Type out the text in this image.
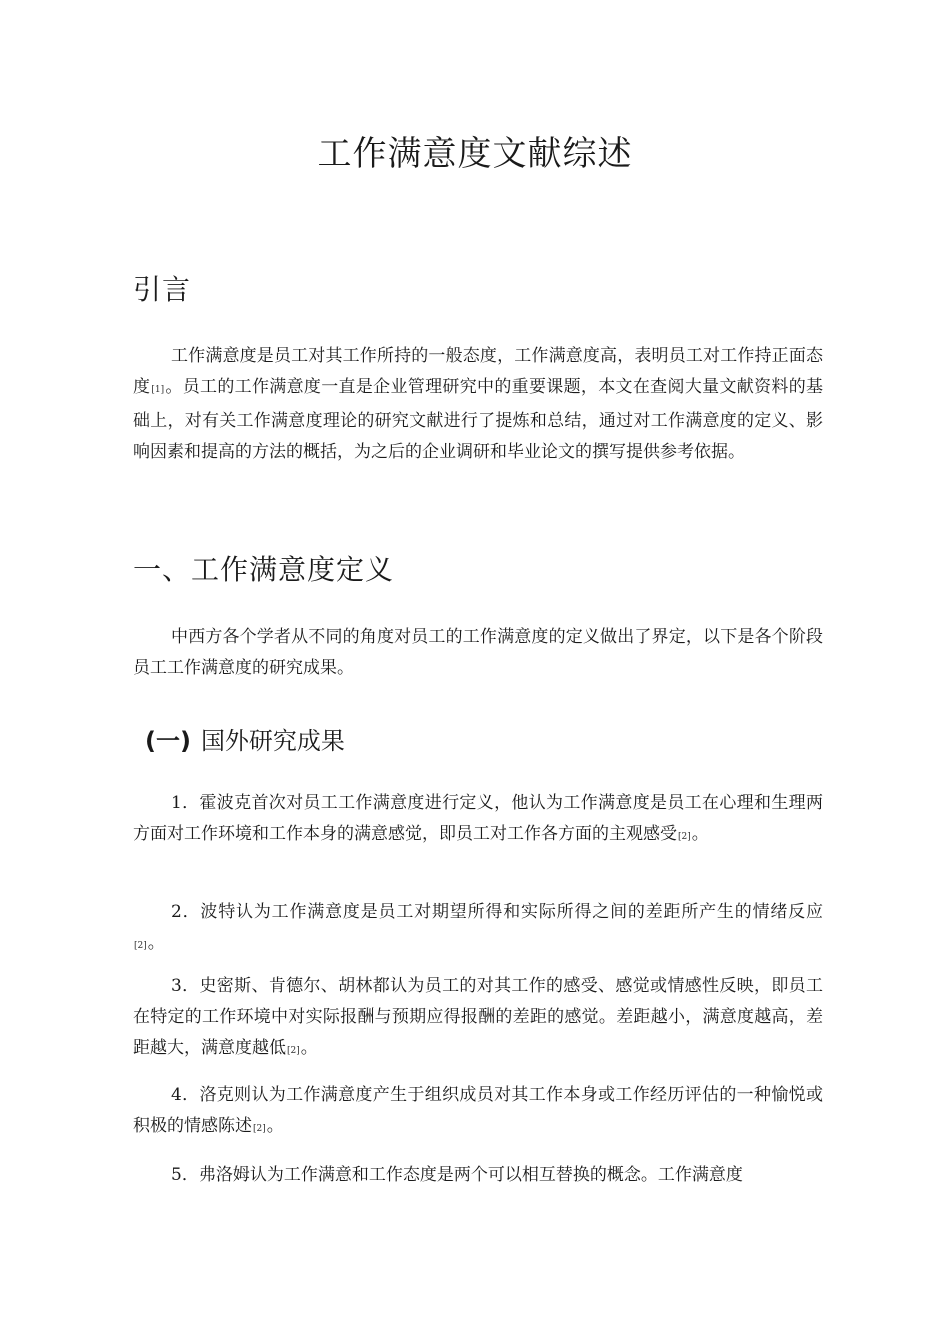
工作满意度文献综述
引言
工作满意度是员工对其工作所持的一般态度，工作满意度高，表明员工对工作持正面态度[1]。员工的工作满意度一直是企业管理研究中的重要课题，本文在查阅大量文献资料的基础上，对有关工作满意度理论的研究文献进行了提炼和总结，通过对工作满意度的定义、影响因素和提高的方法的概括，为之后的企业调研和毕业论文的撰写提供参考依据。
一、工作满意度定义
中西方各个学者从不同的角度对员工的工作满意度的定义做出了界定，以下是各个阶段员工工作满意度的研究成果。
(一) 国外研究成果
1．霍波克首次对员工工作满意度进行定义，他认为工作满意度是员工在心理和生理两方面对工作环境和工作本身的满意感觉，即员工对工作各方面的主观感受[2]。
2．波特认为工作满意度是员工对期望所得和实际所得之间的差距所产生的情绪反应[2]。
3．史密斯、肯德尔、胡林都认为员工的对其工作的感受、感觉或情感性反映，即员工在特定的工作环境中对实际报酬与预期应得报酬的差距的感觉。差距越小，满意度越高，差距越大，满意度越低[2]。
4．洛克则认为工作满意度产生于组织成员对其工作本身或工作经历评估的一种愉悦或积极的情感陈述[2]。
5．弗洛姆认为工作满意和工作态度是两个可以相互替换的概念。工作满意度
